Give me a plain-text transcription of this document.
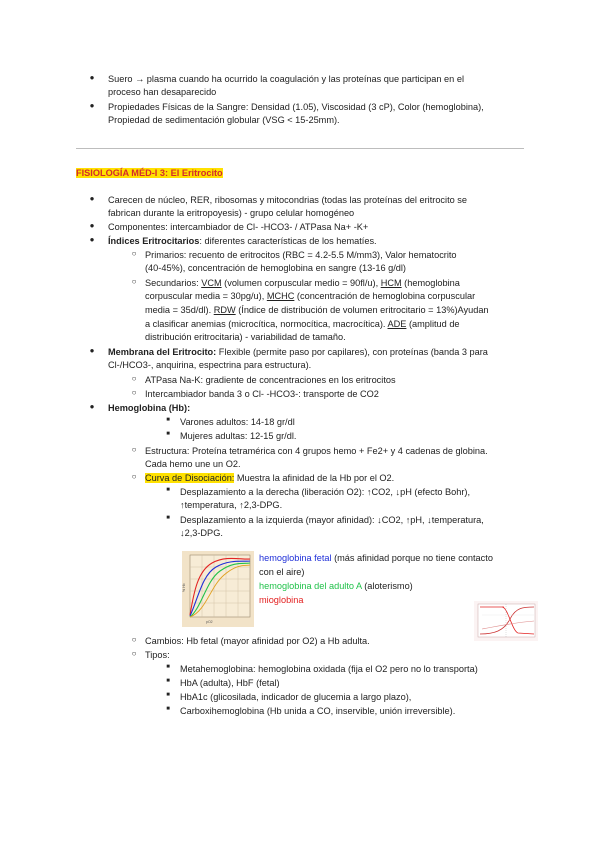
●	Suero → plasma cuando ha ocurrido la coagulación y las proteínas que participan en el
proceso han desaparecido
●	Propiedades Físicas de la Sangre: Densidad (1.05), Viscosidad (3 cP), Color (hemoglobina),
Propiedad de sedimentación globular (VSG < 15-25mm).
FISIOLOGÍA MÉD-I 3: El Eritrocito
●	Carecen de núcleo, RER, ribosomas y mitocondrias (todas las proteínas del eritrocito se
fabrican durante la eritropoyesis) - grupo celular homogéneo
●	Componentes: intercambiador de Cl- -HCO3- / ATPasa Na+ -K+
●	Índices Eritrocitarios: diferentes características de los hematíes.
○ Primarios: recuento de eritrocitos (RBC = 4.2-5.5 M/mm3), Valor hematocrito
(40-45%), concentración de hemoglobina en sangre (13-16 g/dl)
○ Secundarios: VCM (volumen corpuscular medio = 90fl/u), HCM (hemoglobina
corpuscular media = 30pg/u), MCHC (concentración de hemoglobina corpuscular
media = 35d/dl). RDW (Índice de distribución de volumen eritrocitario = 13%)Ayudan
a clasificar anemias (microcítica, normocítica, macrocítica). ADE (amplitud de
distribución eritrocitaria) - variabilidad de tamaño.
●	Membrana del Eritrocito: Flexible (permite paso por capilares), con proteínas (banda 3 para
Cl-/HCO3-, anquirina, espectrina para estructura).
○ ATPasa Na-K: gradiente de concentraciones en los eritrocitos
○ Intercambiador banda 3 o Cl- -HCO3-: transporte de CO2
●	Hemoglobina (Hb):
■	Varones adultos: 14-18 gr/dl
■	Mujeres adultas: 12-15 gr/dl.
○ Estructura: Proteína tetramérica con 4 grupos hemo + Fe2+ y 4 cadenas de globina.
Cada hemo une un O2.
○ Curva de Disociación: Muestra la afinidad de la Hb por el O2.
■	Desplazamiento a la derecha (liberación O2): ↑CO2, ↓pH (efecto Bohr),
↑temperatura, ↑2,3-DPG.
■	Desplazamiento a la izquierda (mayor afinidad): ↓CO2, ↑pH, ↓temperatura,
↓2,3-DPG.
% Hb
pO2
hemoglobina fetal (más afinidad porque no tiene contacto
con el aire)
hemoglobina del adulto A (aloterismo)
mioglobina
○ Cambios: Hb fetal (mayor afinidad por O2) a Hb adulta.
○ Tipos:
■	Metahemoglobina: hemoglobina oxidada (fija el O2 pero no lo transporta)
■	HbA (adulta), HbF (fetal)
■	HbA1c (glicosilada, indicador de glucemia a largo plazo),
■	Carboxihemoglobina (Hb unida a CO, inservible, unión irreversible).
